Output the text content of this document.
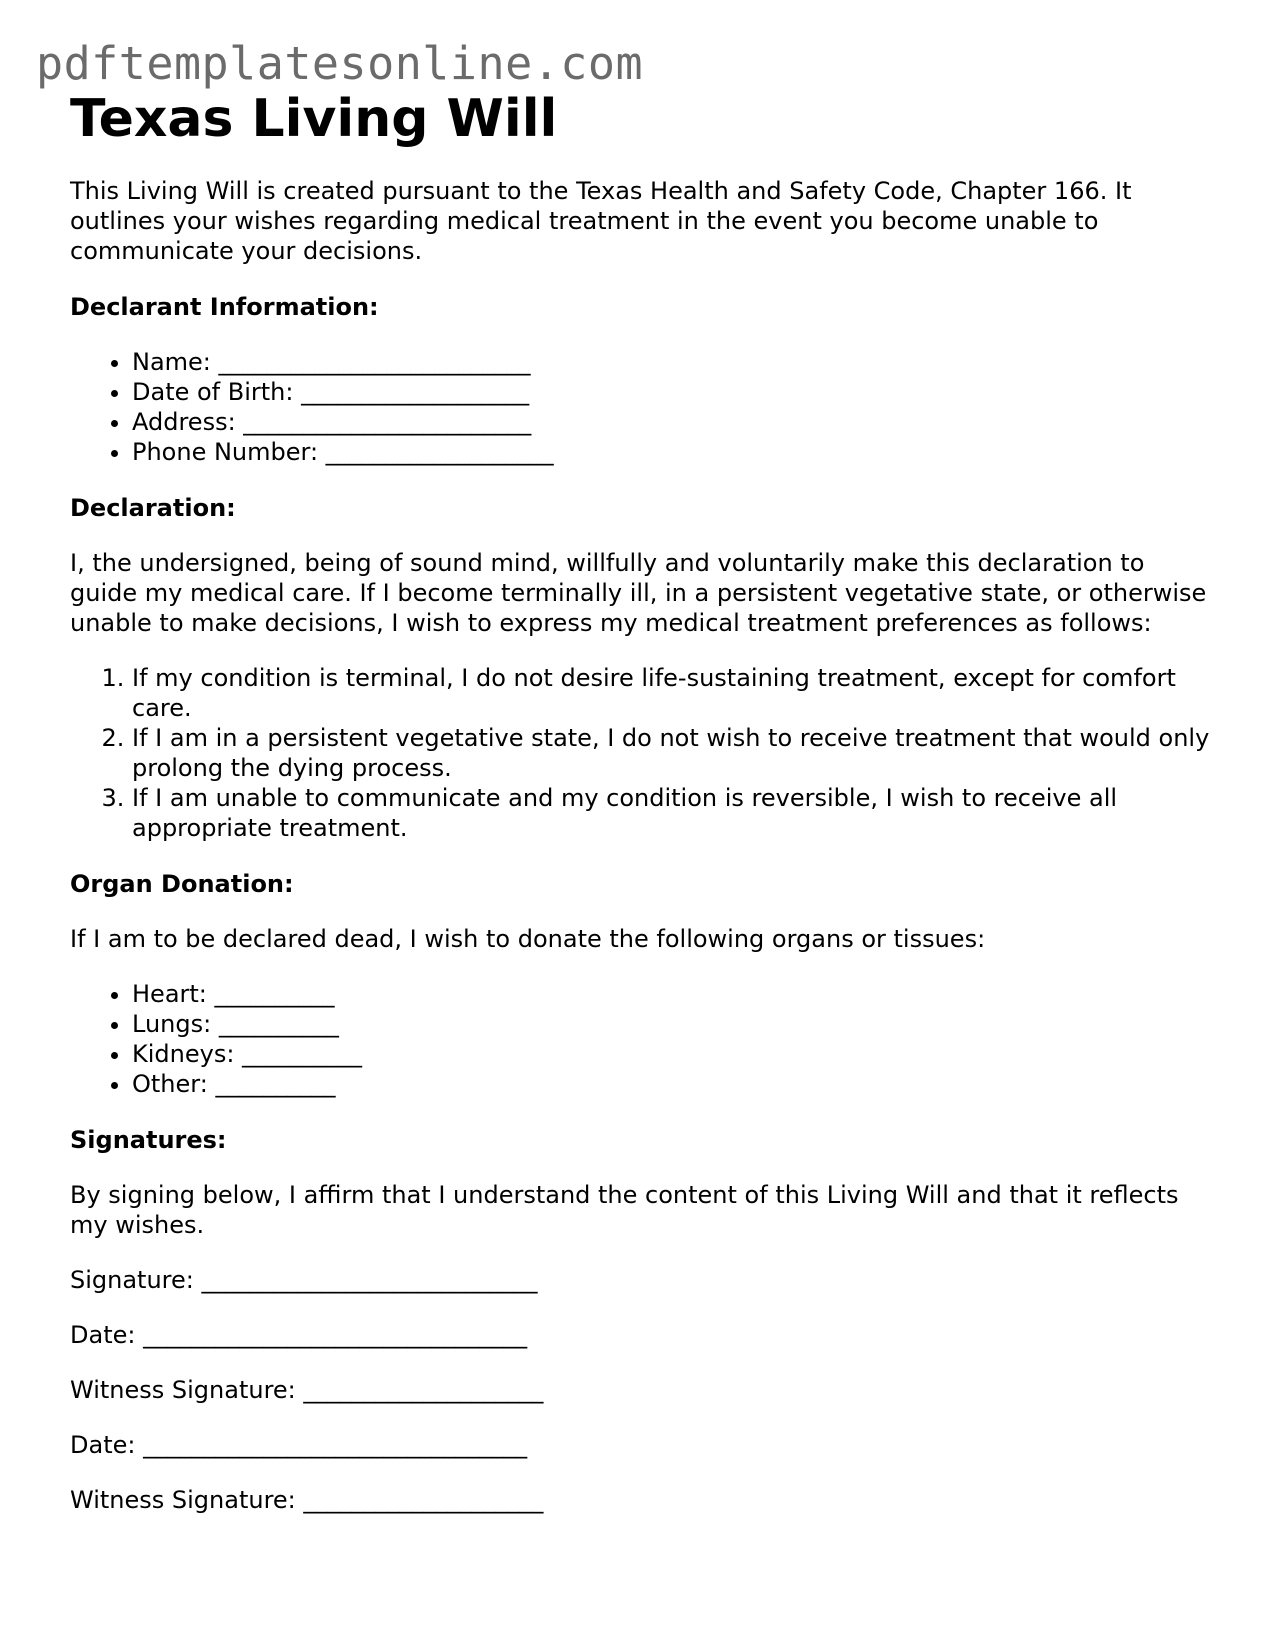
pdftemplatesonline.com
Texas Living Will

This Living Will is created pursuant to the Texas Health and Safety Code, Chapter 166. It outlines your wishes regarding medical treatment in the event you become unable to communicate your decisions.

Declarant Information:
• Name: __________________________
• Date of Birth: ___________________
• Address: ________________________
• Phone Number: ___________________
Declaration:

I, the undersigned, being of sound mind, willfully and voluntarily make this declaration to guide my medical care. If I become terminally ill, in a persistent vegetative state, or otherwise unable to make decisions, I wish to express my medical treatment preferences as follows:

1. If my condition is terminal, I do not desire life-sustaining treatment, except for comfort care.
2. If I am in a persistent vegetative state, I do not wish to receive treatment that would only prolong the dying process.
3. If I am unable to communicate and my condition is reversible, I wish to receive all appropriate treatment.
Organ Donation:

If I am to be declared dead, I wish to donate the following organs or tissues:

• Heart: __________
• Lungs: __________
• Kidneys: __________
• Other: __________
Signatures:

By signing below, I affirm that I understand the content of this Living Will and that it reflects my wishes.

Signature: ____________________________

Date: ________________________________

Witness Signature: ____________________

Date: ________________________________

Witness Signature: ____________________
